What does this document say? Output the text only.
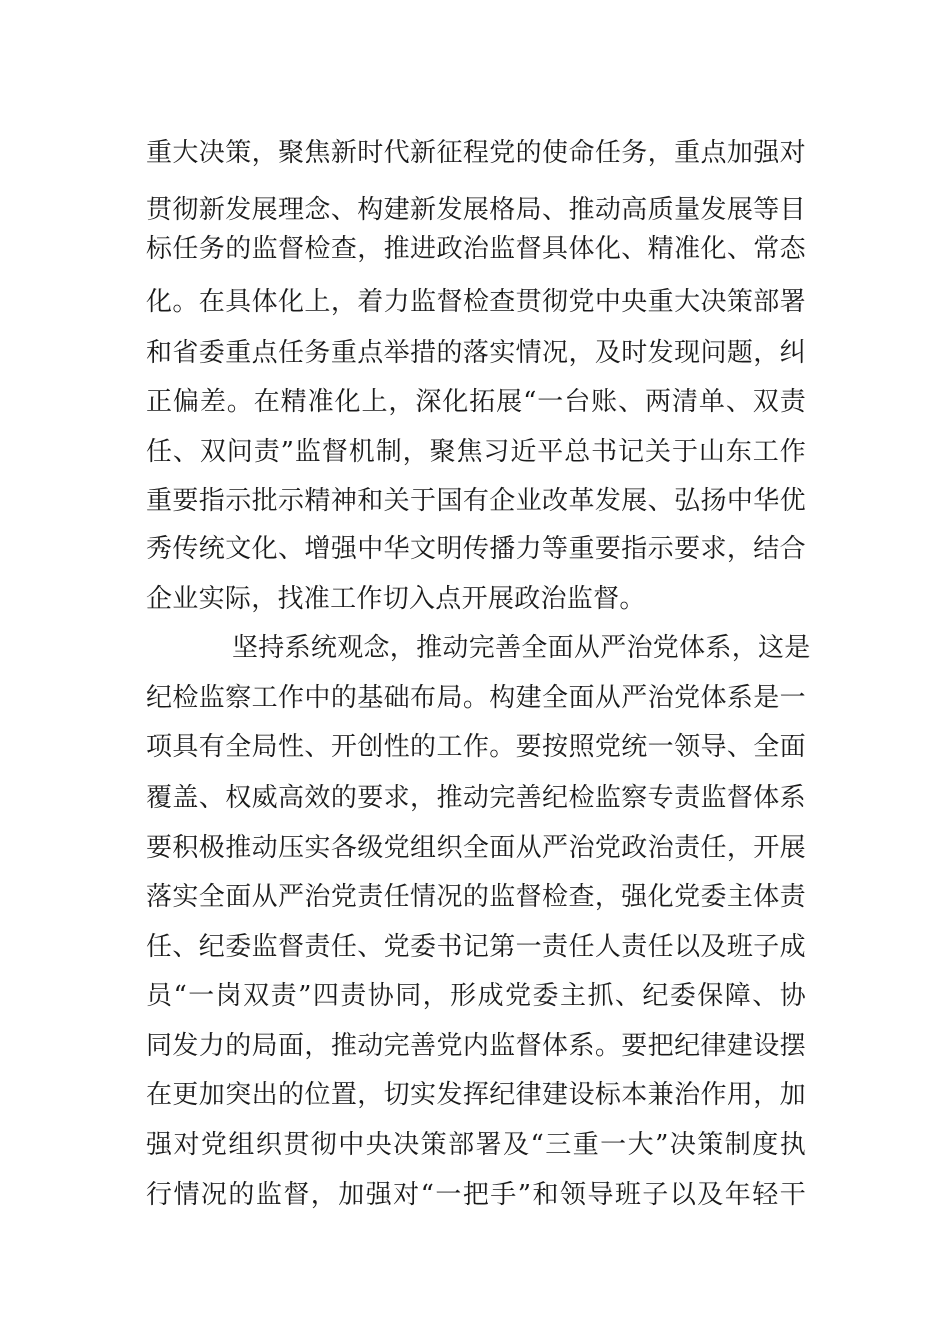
重大决策，聚焦新时代新征程党的使命任务，重点加强对
贯彻新发展理念、构建新发展格局、推动高质量发展等目
标任务的监督检查，推进政治监督具体化、精准化、常态
化。在具体化上，着力监督检查贯彻党中央重大决策部署
和省委重点任务重点举措的落实情况，及时发现问题，纠
正偏差。在精准化上，深化拓展“一台账、两清单、双责
任、双问责”监督机制，聚焦习近平总书记关于山东工作
重要指示批示精神和关于国有企业改革发展、弘扬中华优
秀传统文化、增强中华文明传播力等重要指示要求，结合
企业实际，找准工作切入点开展政治监督。
坚持系统观念，推动完善全面从严治党体系，这是
纪检监察工作中的基础布局。构建全面从严治党体系是一
项具有全局性、开创性的工作。要按照党统一领导、全面
覆盖、权威高效的要求，推动完善纪检监察专责监督体系
要积极推动压实各级党组织全面从严治党政治责任，开展
落实全面从严治党责任情况的监督检查，强化党委主体责
任、纪委监督责任、党委书记第一责任人责任以及班子成
员“一岗双责”四责协同，形成党委主抓、纪委保障、协
同发力的局面，推动完善党内监督体系。要把纪律建设摆
在更加突出的位置，切实发挥纪律建设标本兼治作用，加
强对党组织贯彻中央决策部署及“三重一大”决策制度执
行情况的监督，加强对“一把手”和领导班子以及年轻干
